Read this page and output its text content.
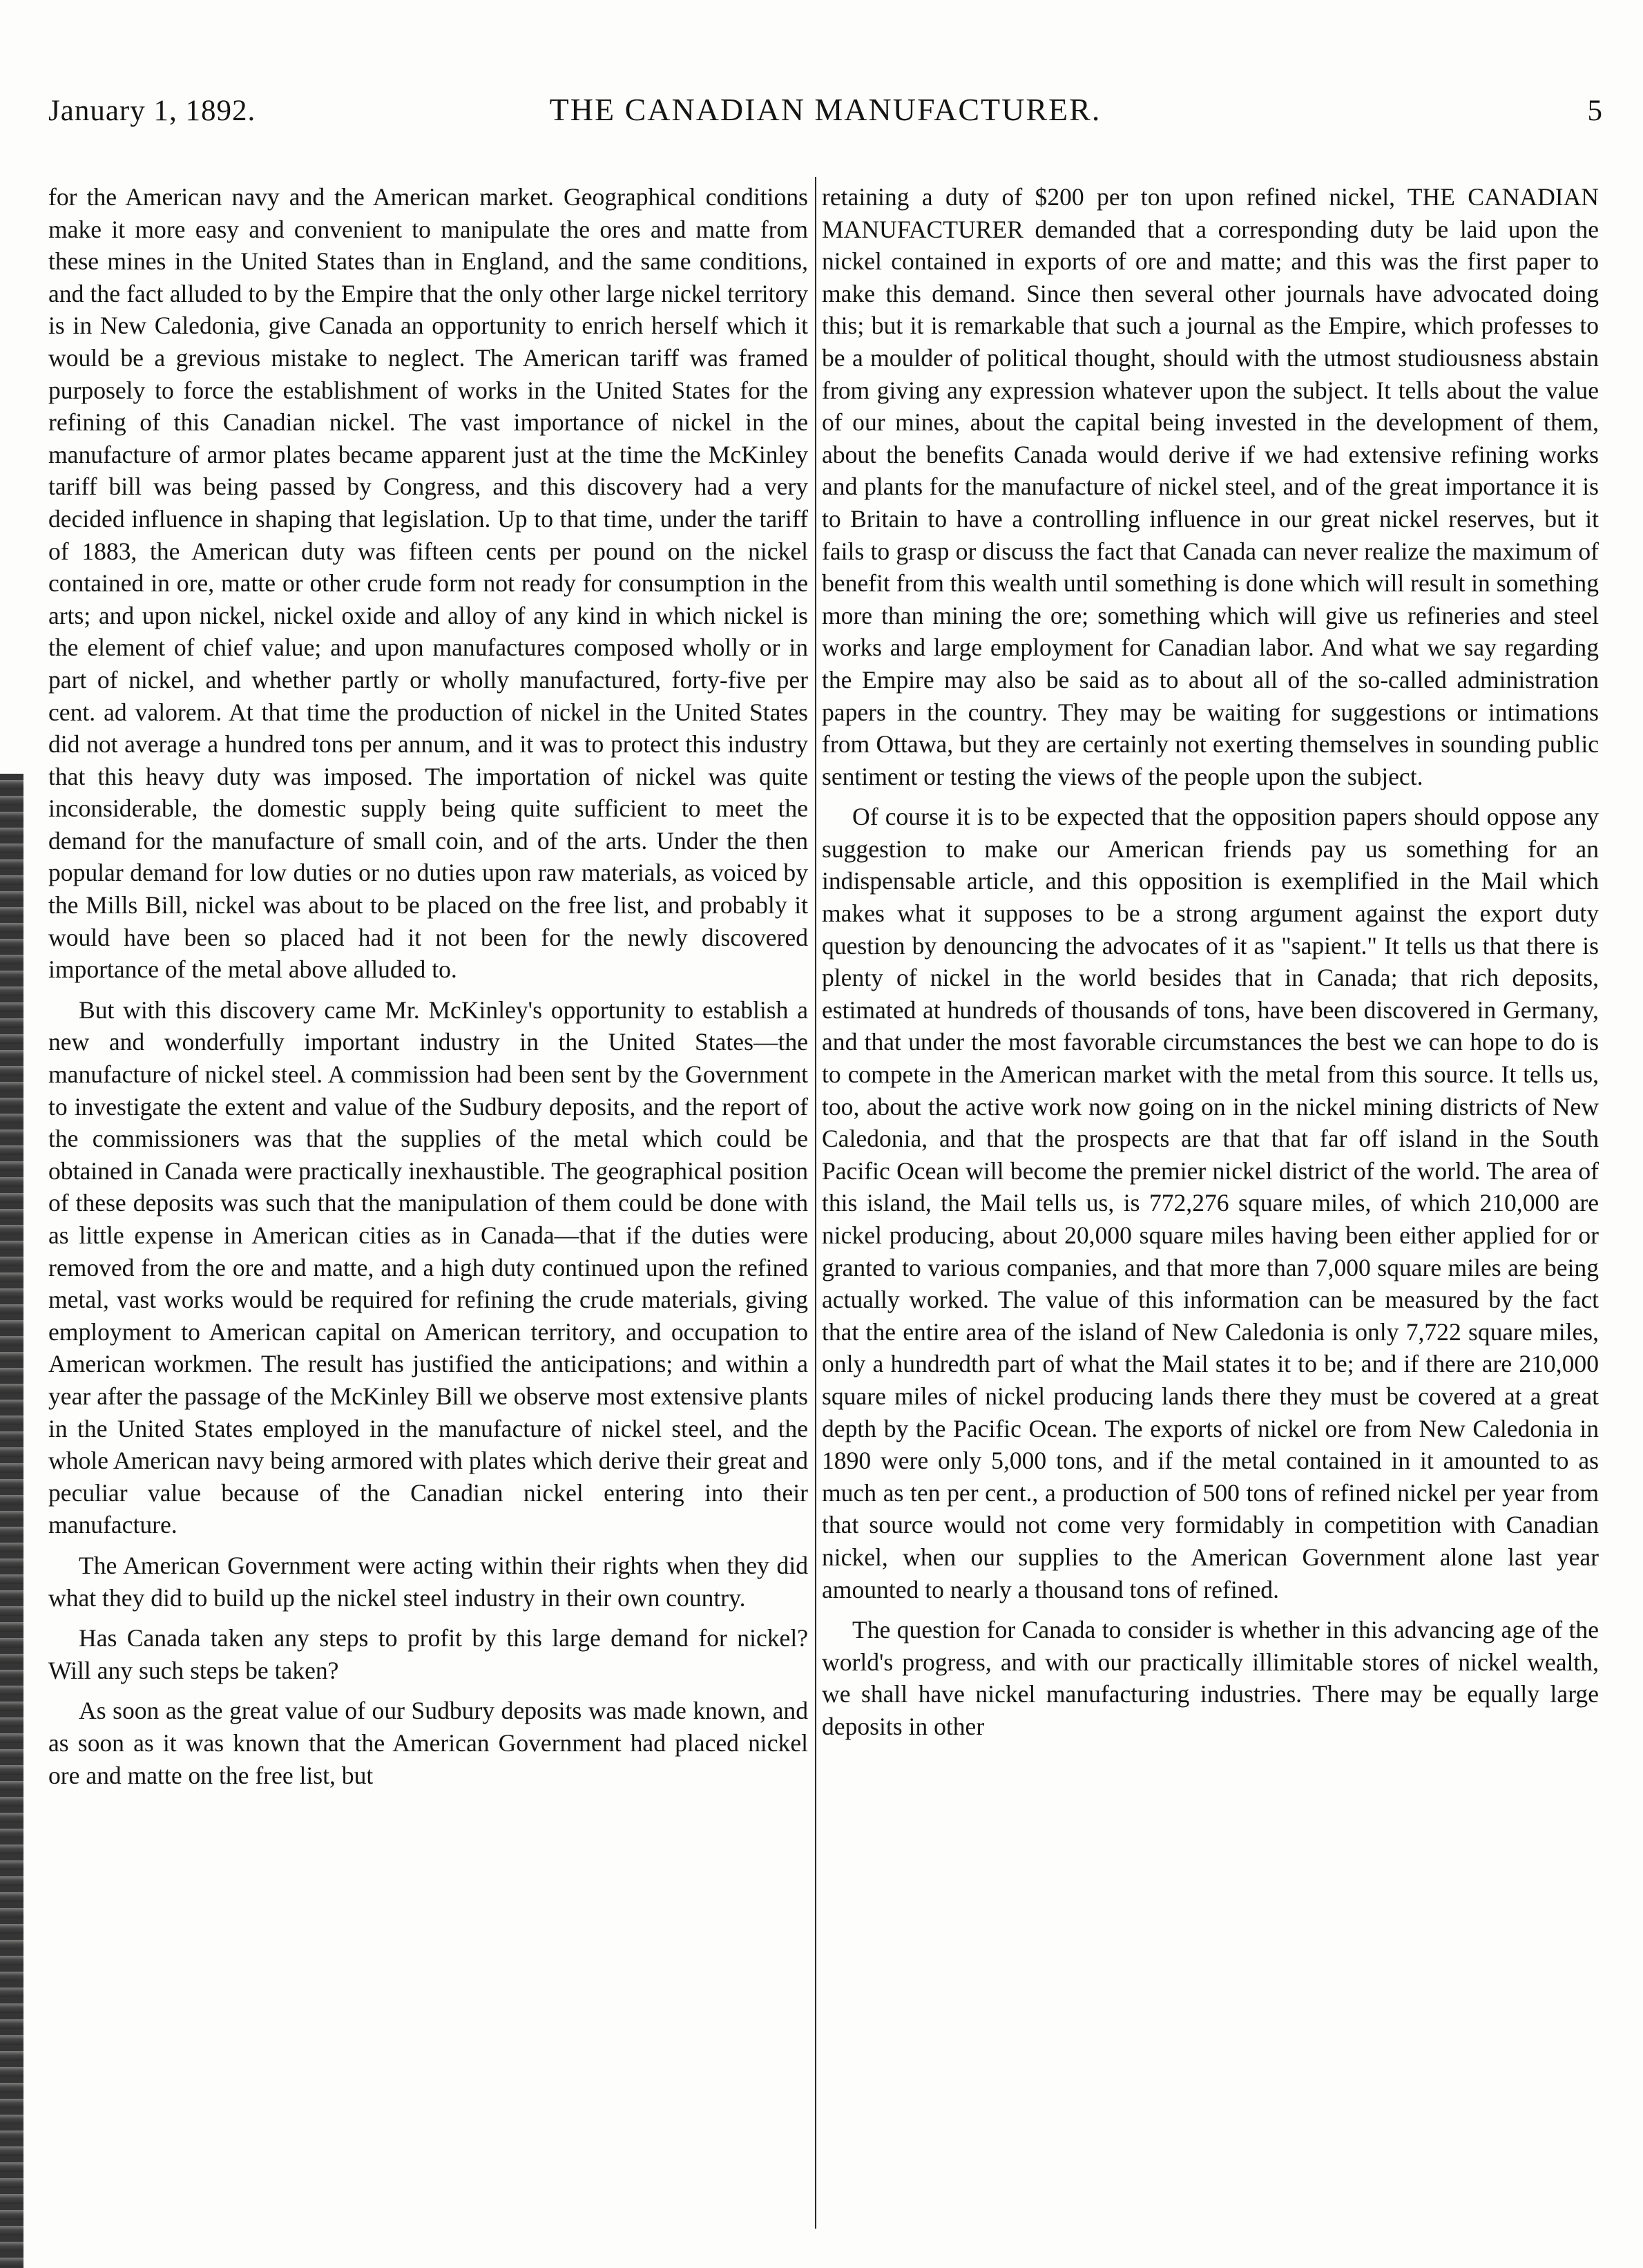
January 1, 1892.	THE CANADIAN MANUFACTURER.	5

for the American navy and the American market. Geographical conditions make it more easy and convenient to manipulate the ores and matte from these mines in the United States than in England, and the same conditions, and the fact alluded to by the Empire that the only other large nickel territory is in New Caledonia, give Canada an opportunity to enrich herself which it would be a grevious mistake to neglect. The American tariff was framed purposely to force the establishment of works in the United States for the refining of this Canadian nickel. The vast importance of nickel in the manufacture of armor plates became apparent just at the time the McKinley tariff bill was being passed by Congress, and this discovery had a very decided influence in shaping that legislation. Up to that time, under the tariff of 1883, the American duty was fifteen cents per pound on the nickel contained in ore, matte or other crude form not ready for consumption in the arts; and upon nickel, nickel oxide and alloy of any kind in which nickel is the element of chief value; and upon manufactures composed wholly or in part of nickel, and whether partly or wholly manufactured, forty-five per cent. ad valorem. At that time the production of nickel in the United States did not average a hundred tons per annum, and it was to protect this industry that this heavy duty was imposed. The importation of nickel was quite inconsiderable, the domestic supply being quite sufficient to meet the demand for the manufacture of small coin, and of the arts. Under the then popular demand for low duties or no duties upon raw materials, as voiced by the Mills Bill, nickel was about to be placed on the free list, and probably it would have been so placed had it not been for the newly discovered importance of the metal above alluded to.

But with this discovery came Mr. McKinley's opportunity to establish a new and wonderfully important industry in the United States—the manufacture of nickel steel. A commission had been sent by the Government to investigate the extent and value of the Sudbury deposits, and the report of the commissioners was that the supplies of the metal which could be obtained in Canada were practically inexhaustible. The geographical position of these deposits was such that the manipulation of them could be done with as little expense in American cities as in Canada—that if the duties were removed from the ore and matte, and a high duty continued upon the refined metal, vast works would be required for refining the crude materials, giving employment to American capital on American territory, and occupation to American workmen. The result has justified the anticipations; and within a year after the passage of the McKinley Bill we observe most extensive plants in the United States employed in the manufacture of nickel steel, and the whole American navy being armored with plates which derive their great and peculiar value because of the Canadian nickel entering into their manufacture.

The American Government were acting within their rights when they did what they did to build up the nickel steel industry in their own country.

Has Canada taken any steps to profit by this large demand for nickel? Will any such steps be taken?

As soon as the great value of our Sudbury deposits was made known, and as soon as it was known that the American Government had placed nickel ore and matte on the free list, but

retaining a duty of $200 per ton upon refined nickel, THE CANADIAN MANUFACTURER demanded that a corresponding duty be laid upon the nickel contained in exports of ore and matte; and this was the first paper to make this demand. Since then several other journals have advocated doing this; but it is remarkable that such a journal as the Empire, which professes to be a moulder of political thought, should with the utmost studiousness abstain from giving any expression whatever upon the subject. It tells about the value of our mines, about the capital being invested in the development of them, about the benefits Canada would derive if we had extensive refining works and plants for the manufacture of nickel steel, and of the great importance it is to Britain to have a controlling influence in our great nickel reserves, but it fails to grasp or discuss the fact that Canada can never realize the maximum of benefit from this wealth until something is done which will result in something more than mining the ore; something which will give us refineries and steel works and large employment for Canadian labor. And what we say regarding the Empire may also be said as to about all of the so-called administration papers in the country. They may be waiting for suggestions or intimations from Ottawa, but they are certainly not exerting themselves in sounding public sentiment or testing the views of the people upon the subject.

Of course it is to be expected that the opposition papers should oppose any suggestion to make our American friends pay us something for an indispensable article, and this opposition is exemplified in the Mail which makes what it supposes to be a strong argument against the export duty question by denouncing the advocates of it as "sapient." It tells us that there is plenty of nickel in the world besides that in Canada; that rich deposits, estimated at hundreds of thousands of tons, have been discovered in Germany, and that under the most favorable circumstances the best we can hope to do is to compete in the American market with the metal from this source. It tells us, too, about the active work now going on in the nickel mining districts of New Caledonia, and that the prospects are that that far off island in the South Pacific Ocean will become the premier nickel district of the world. The area of this island, the Mail tells us, is 772,276 square miles, of which 210,000 are nickel producing, about 20,000 square miles having been either applied for or granted to various companies, and that more than 7,000 square miles are being actually worked. The value of this information can be measured by the fact that the entire area of the island of New Caledonia is only 7,722 square miles, only a hundredth part of what the Mail states it to be; and if there are 210,000 square miles of nickel producing lands there they must be covered at a great depth by the Pacific Ocean. The exports of nickel ore from New Caledonia in 1890 were only 5,000 tons, and if the metal contained in it amounted to as much as ten per cent., a production of 500 tons of refined nickel per year from that source would not come very formidably in competition with Canadian nickel, when our supplies to the American Government alone last year amounted to nearly a thousand tons of refined.

The question for Canada to consider is whether in this advancing age of the world's progress, and with our practically illimitable stores of nickel wealth, we shall have nickel manufacturing industries. There may be equally large deposits in other
